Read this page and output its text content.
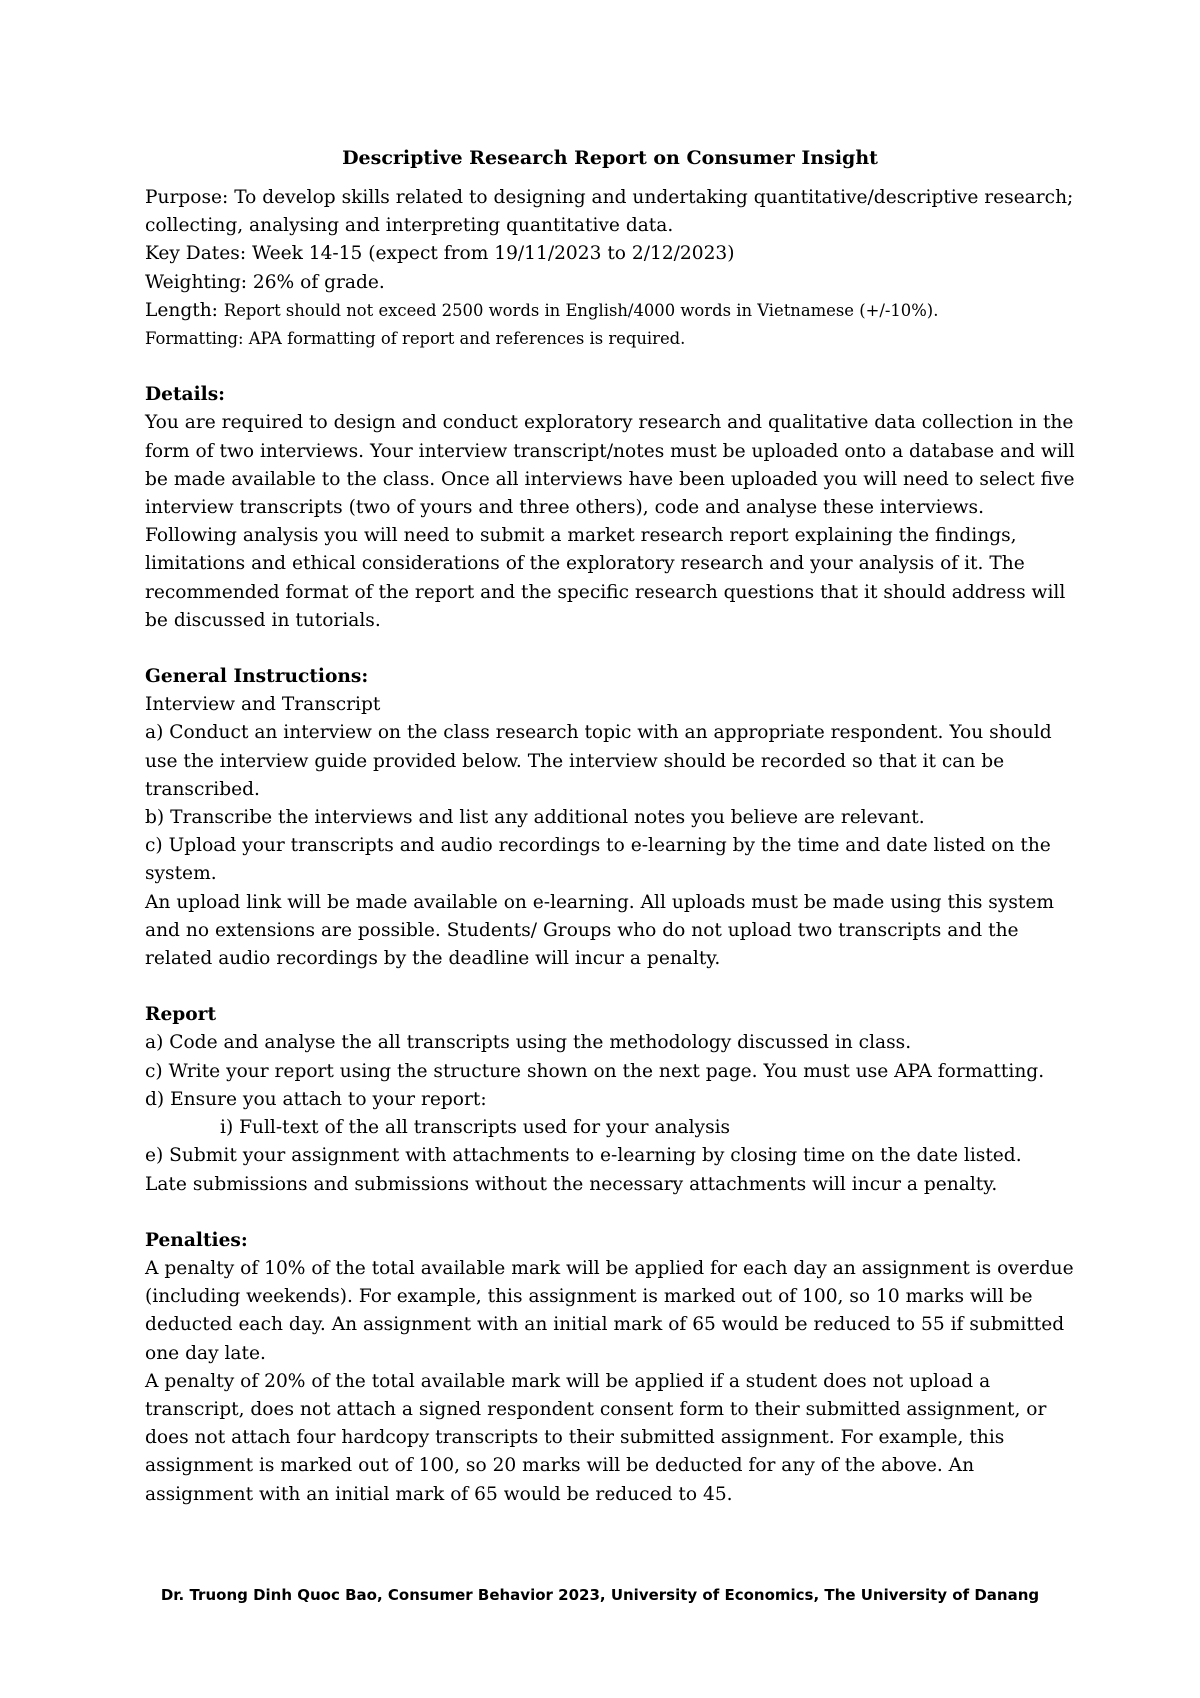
Descriptive Research Report on Consumer Insight

Purpose: To develop skills related to designing and undertaking quantitative/descriptive research; collecting, analysing and interpreting quantitative data.

Key Dates: Week 14-15 (expect from 19/11/2023 to 2/12/2023)

Weighting: 26% of grade.

Length: Report should not exceed 2500 words in English/4000 words in Vietnamese (+/-10%).

Formatting: APA formatting of report and references is required.

Details:

You are required to design and conduct exploratory research and qualitative data collection in the form of two interviews. Your interview transcript/notes must be uploaded onto a database and will be made available to the class. Once all interviews have been uploaded you will need to select five interview transcripts (two of yours and three others), code and analyse these interviews. Following analysis you will need to submit a market research report explaining the findings, limitations and ethical considerations of the exploratory research and your analysis of it. The recommended format of the report and the specific research questions that it should address will be discussed in tutorials.

General Instructions:

Interview and Transcript

a) Conduct an interview on the class research topic with an appropriate respondent. You should use the interview guide provided below. The interview should be recorded so that it can be transcribed.

b) Transcribe the interviews and list any additional notes you believe are relevant.

c) Upload your transcripts and audio recordings to e-learning by the time and date listed on the system.

An upload link will be made available on e-learning. All uploads must be made using this system and no extensions are possible. Students/ Groups who do not upload two transcripts and the related audio recordings by the deadline will incur a penalty.

Report

a) Code and analyse the all transcripts using the methodology discussed in class.

c) Write your report using the structure shown on the next page. You must use APA formatting.

d) Ensure you attach to your report:

i) Full-text of the all transcripts used for your analysis

e) Submit your assignment with attachments to e-learning by closing time on the date listed.

Late submissions and submissions without the necessary attachments will incur a penalty.

Penalties:

A penalty of 10% of the total available mark will be applied for each day an assignment is overdue (including weekends). For example, this assignment is marked out of 100, so 10 marks will be deducted each day. An assignment with an initial mark of 65 would be reduced to 55 if submitted one day late.

A penalty of 20% of the total available mark will be applied if a student does not upload a transcript, does not attach a signed respondent consent form to their submitted assignment, or does not attach four hardcopy transcripts to their submitted assignment. For example, this assignment is marked out of 100, so 20 marks will be deducted for any of the above. An assignment with an initial mark of 65 would be reduced to 45.

Dr. Truong Dinh Quoc Bao, Consumer Behavior 2023, University of Economics, The University of Danang
